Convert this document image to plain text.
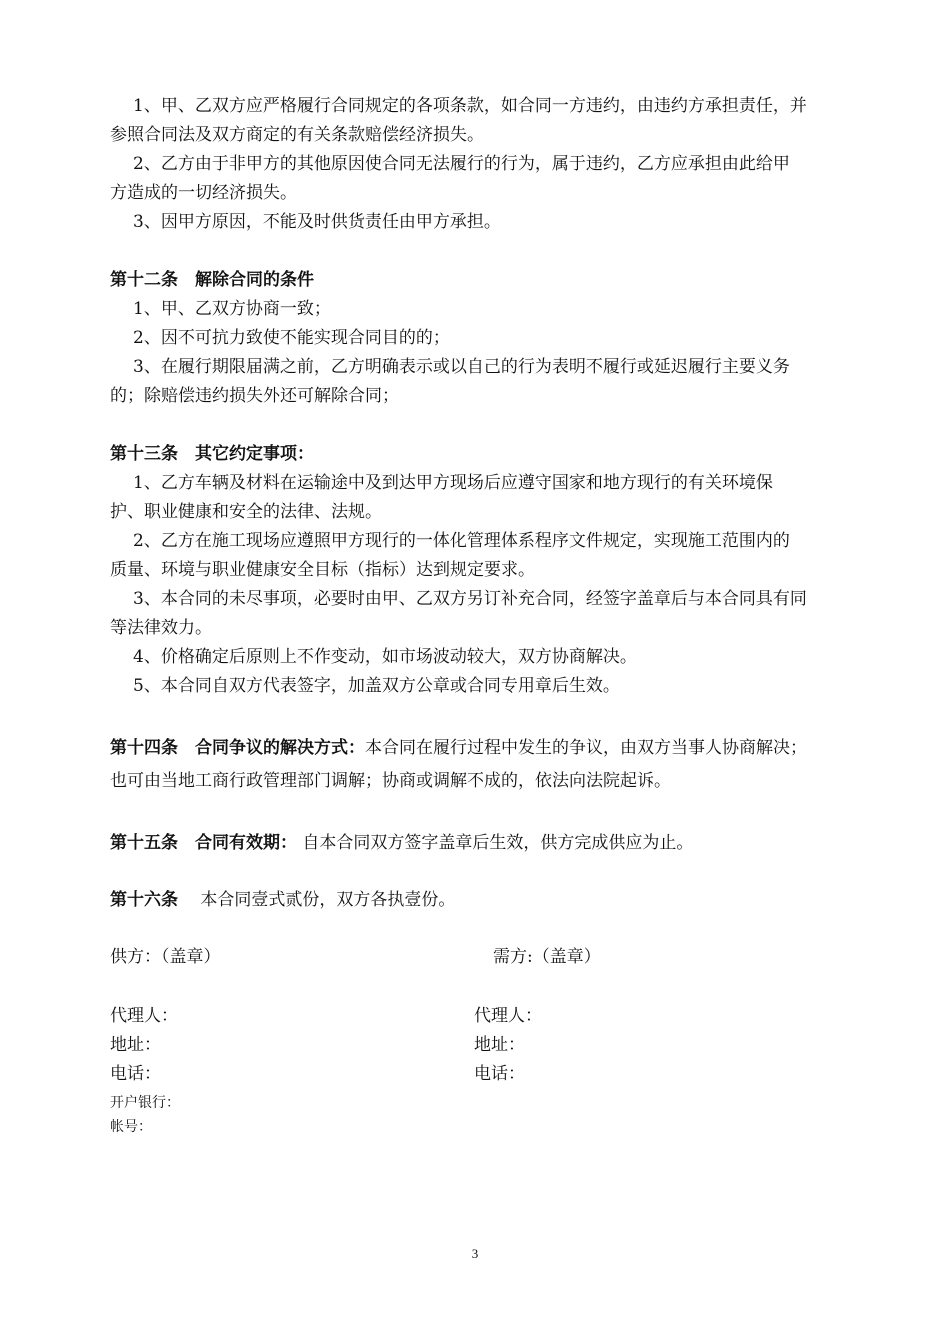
1、甲、乙双方应严格履行合同规定的各项条款，如合同一方违约，由违约方承担责任，并
参照合同法及双方商定的有关条款赔偿经济损失。
2、乙方由于非甲方的其他原因使合同无法履行的行为，属于违约，乙方应承担由此给甲
方造成的一切经济损失。
3、因甲方原因，不能及时供货责任由甲方承担。
第十二条　解除合同的条件
1、甲、乙双方协商一致；
2、因不可抗力致使不能实现合同目的的；
3、在履行期限届满之前，乙方明确表示或以自己的行为表明不履行或延迟履行主要义务
的；除赔偿违约损失外还可解除合同；
第十三条　其它约定事项：
1、乙方车辆及材料在运输途中及到达甲方现场后应遵守国家和地方现行的有关环境保
护、职业健康和安全的法律、法规。
2、乙方在施工现场应遵照甲方现行的一体化管理体系程序文件规定，实现施工范围内的
质量、环境与职业健康安全目标（指标）达到规定要求。
3、本合同的未尽事项，必要时由甲、乙双方另订补充合同，经签字盖章后与本合同具有同
等法律效力。
4、价格确定后原则上不作变动，如市场波动较大，双方协商解决。
5、本合同自双方代表签字，加盖双方公章或合同专用章后生效。
第十四条　合同争议的解决方式：本合同在履行过程中发生的争议，由双方当事人协商解决；
也可由当地工商行政管理部门调解；协商或调解不成的，依法向法院起诉。
第十五条　合同有效期： 自本合同双方签字盖章后生效，供方完成供应为止。
第十六条　 本合同壹式贰份，双方各执壹份。
供方：（盖章）	需方:（盖章）
代理人：	代理人：
地址：	地址：
电话：	电话：
开户银行：
帐号：
3
